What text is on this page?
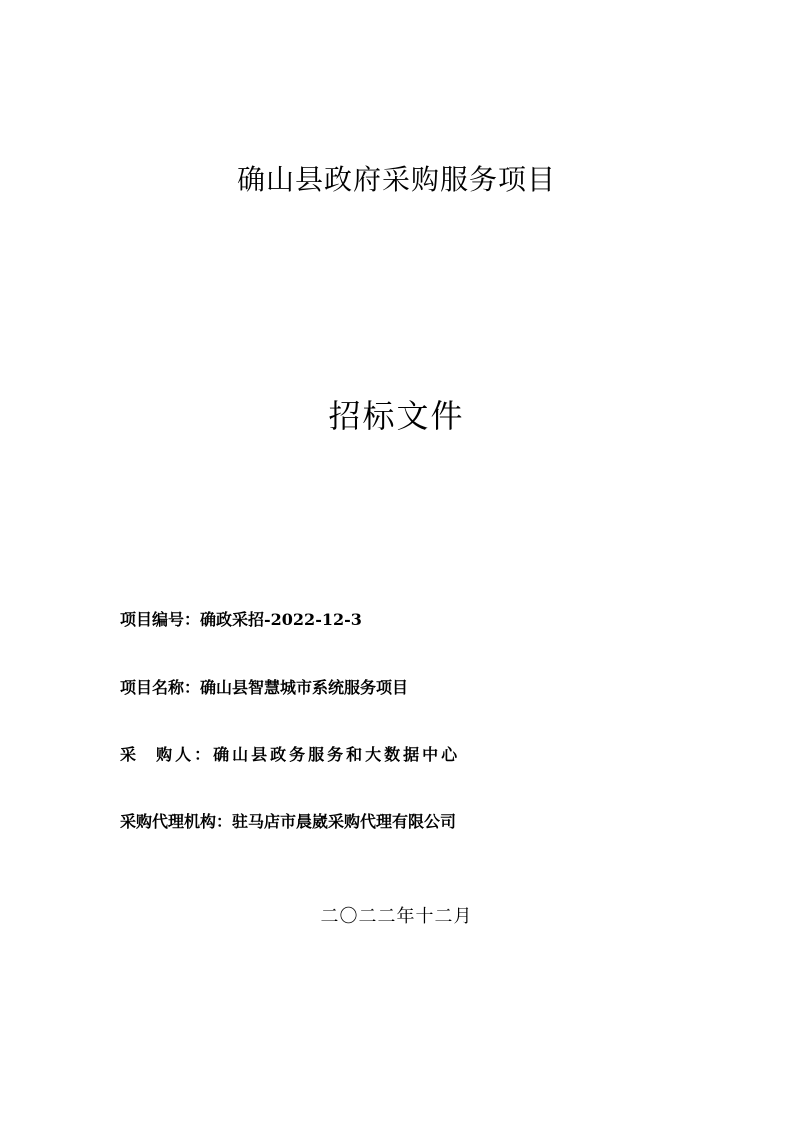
确山县政府采购服务项目
招标文件
项目编号：确政采招-2022-12-3
项目名称：确山县智慧城市系统服务项目
采  购人：确山县政务服务和大数据中心
采购代理机构：驻马店市晨崴采购代理有限公司
二〇二二年十二月
